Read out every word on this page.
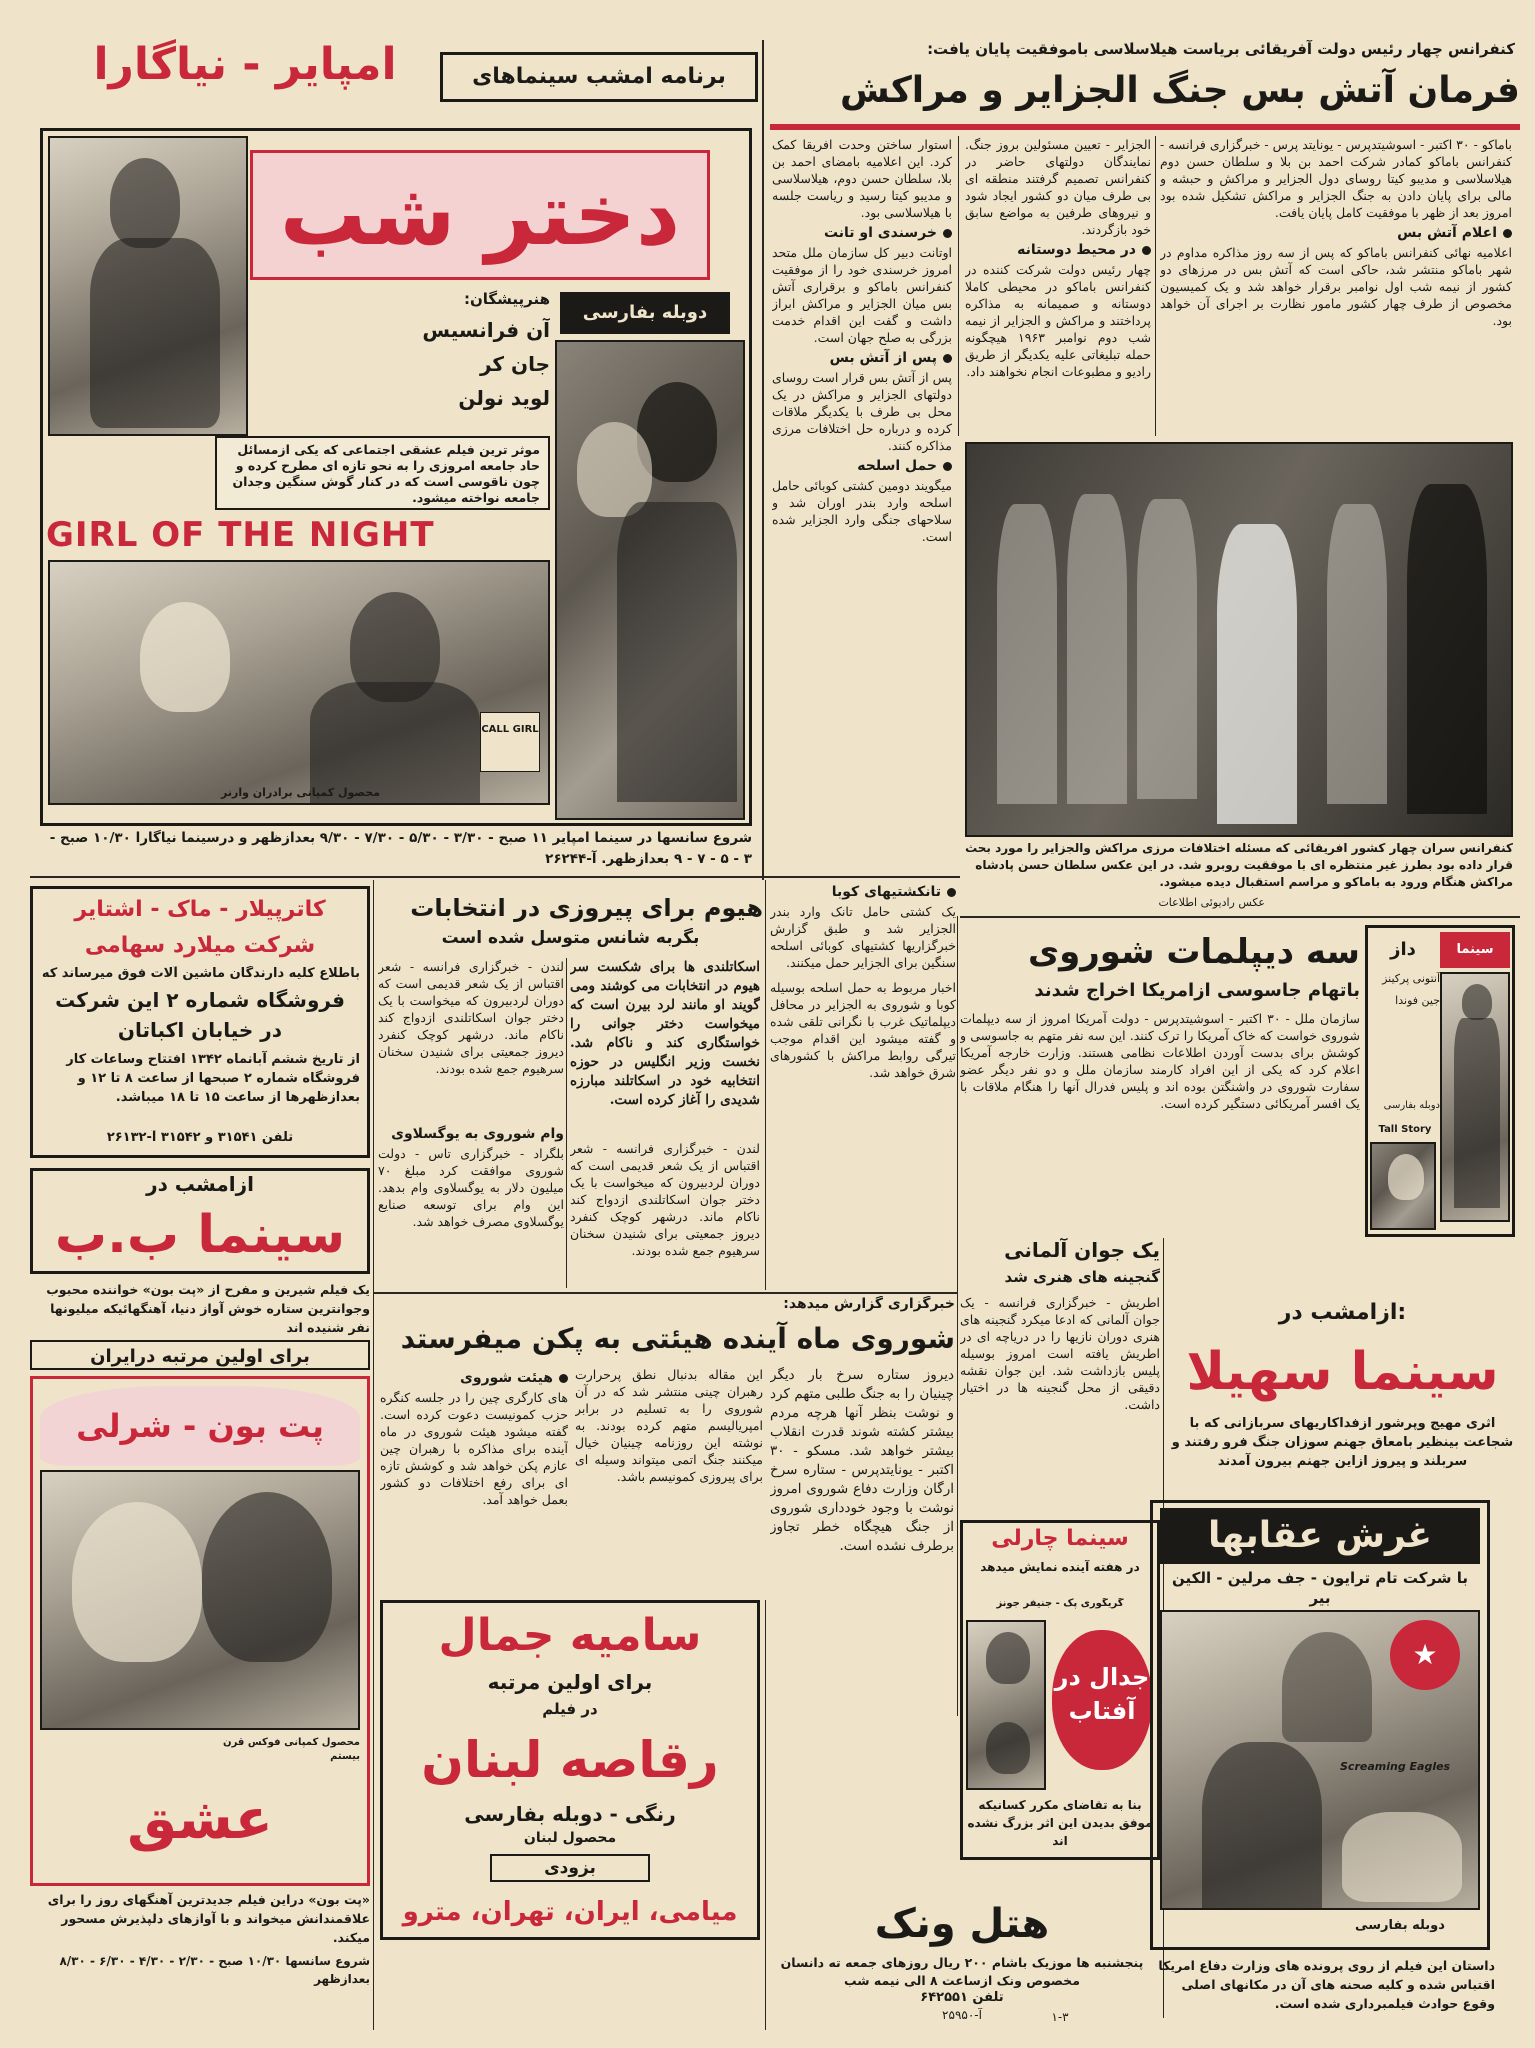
کنفرانس چهار رئیس دولت آفریقائی بریاست هیلاسلاسی باموفقیت پایان یافت:
فرمان آتش بس جنگ الجزایر و مراکش
امپایر - نیاگارا	برنامه امشب سینماهای
دختر شب
دوبله بفارسی
هنرپیشگان:
آن فرانسیس
جان کر
لوید نولن
موثر ترین فیلم عشقی اجتماعی که یکی ازمسائل حاد جامعه امروزی را به نحو تازه ای مطرح کرده و چون ناقوسی است که در کنار گوش سنگین وجدان جامعه نواخته میشود.
GIRL OF THE NIGHT
CALL GIRL
محصول کمپانی برادران وارنر
شروع سانسها در سینما امپایر ۱۱ صبح - ۳/۳۰ - ۵/۳۰ - ۷/۳۰ - ۹/۳۰ بعدازظهر و درسینما نیاگارا ۱۰/۳۰ صبح - ۳ - ۵ - ۷ - ۹ بعدازظهر. آ-۲۶۲۴۴
باماکو - ۳۰ اکتبر - اسوشیتدپرس - یونایتد پرس - خبرگزاری فرانسه - کنفرانس باماکو کمادر شرکت احمد بن بلا و سلطان حسن دوم هیلاسلاسی و مدیبو کیتا روسای دول الجزایر و مراکش و حبشه و مالی برای پایان دادن به جنگ الجزایر و مراکش تشکیل شده بود امروز بعد از ظهر با موفقیت کامل پایان یافت.
اعلام آتش بس
اعلامیه نهائی کنفرانس باماکو که پس از سه روز مذاکره مداوم در شهر باماکو منتشر شد، حاکی است که آتش بس در مرزهای دو کشور از نیمه شب اول نوامبر برقرار خواهد شد و یک کمیسیون مخصوص از طرف چهار کشور مامور نظارت بر اجرای آن خواهد بود.
الجزایر - تعیین مسئولین بروز جنگ. نمایندگان دولتهای حاضر در کنفرانس تصمیم گرفتند منطقه ای بی طرف میان دو کشور ایجاد شود و نیروهای طرفین به مواضع سابق خود بازگردند.
در محیط دوستانه
چهار رئیس دولت شرکت کننده در کنفرانس باماکو در محیطی کاملا دوستانه و صمیمانه به مذاکره پرداختند و مراکش و الجزایر از نیمه شب دوم نوامبر ۱۹۶۳ هیچگونه حمله تبلیغاتی علیه یکدیگر از طریق رادیو و مطبوعات انجام نخواهند داد.
استوار ساختن وحدت افریقا کمک کرد. این اعلامیه بامضای احمد بن بلا، سلطان حسن دوم، هیلاسلاسی و مدیبو کیتا رسید و ریاست جلسه با هیلاسلاسی بود.
خرسندی او تانت
اوتانت دبیر کل سازمان ملل متحد امروز خرسندی خود را از موفقیت کنفرانس باماکو و برقراری آتش بس میان الجزایر و مراکش ابراز داشت و گفت این اقدام خدمت بزرگی به صلح جهان است.
پس از آتش بس
پس از آتش بس قرار است روسای دولتهای الجزایر و مراکش در یک محل بی طرف با یکدیگر ملاقات کرده و درباره حل اختلافات مرزی مذاکره کنند.
حمل اسلحه
میگویند دومین کشتی کوبائی حامل اسلحه وارد بندر اوران شد و سلاحهای جنگی وارد الجزایر شده است.
کنفرانس سران چهار کشور افریقائی که مسئله اختلافات مرزی مراکش والجزایر را مورد بحث قرار داده بود بطرز غیر منتظره ای با موفقیت روبرو شد. در این عکس سلطان حسن پادشاه مراکش هنگام ورود به باماکو و مراسم استقبال دیده میشود.
عکس رادیوئی اطلاعات
سه دیپلمات شوروی
باتهام جاسوسی ازامریکا اخراج شدند
سازمان ملل - ۳۰ اکتبر - اسوشیتدپرس - دولت آمریکا امروز از سه دیپلمات شوروی خواست که خاک آمریکا را ترک کنند. این سه نفر متهم به جاسوسی و کوشش برای بدست آوردن اطلاعات نظامی هستند. وزارت خارجه آمریکا اعلام کرد که یکی از این افراد کارمند سازمان ملل و دو نفر دیگر عضو سفارت شوروی در واشنگتن بوده اند و پلیس فدرال آنها را هنگام ملاقات با یک افسر آمریکائی دستگیر کرده است.
سینما
داز
آنتونی پرکینز
جین فوندا
دوبله بفارسی
Tall Story
کاترپیلار - ماک - اشتایر
شرکت میلارد سهامی
باطلاع کلیه دارندگان ماشین آلات فوق میرساند که
فروشگاه شماره ۲ این شرکت
در خیابان اکباتان
از تاریخ ششم آبانماه ۱۳۴۲ افتتاح وساعات کار فروشگاه شماره ۲ صبحها از ساعت ۸ تا ۱۲ و بعدازظهرها از ساعت ۱۵ تا ۱۸ میباشد.
تلفن ۳۱۵۴۱ و ۳۱۵۴۲ آ-۲۶۱۳۲
هیوم برای پیروزی در انتخابات
بگربه شانس متوسل شده است
اسکاتلندی ها برای شکست سر هیوم در انتخابات می کوشند ومی گویند او مانند لرد بیرن است که میخواست دختر جوانی را خواستگاری کند و ناکام شد. نخست وزیر انگلیس در حوزه انتخابیه خود در اسکاتلند مبارزه شدیدی را آغاز کرده است.
لندن - خبرگزاری فرانسه - شعر اقتباس از یک شعر قدیمی است که دوران لردبیرون که میخواست با یک دختر جوان اسکاتلندی ازدواج کند ناکام ماند. درشهر کوچک کنفرد دیروز جمعیتی برای شنیدن سخنان سرهیوم جمع شده بودند.
وام شوروی به یوگسلاوی
بلگراد - خبرگزاری تاس - دولت شوروی موافقت کرد مبلغ ۷۰ میلیون دلار به یوگسلاوی وام بدهد. این وام برای توسعه صنایع یوگسلاوی مصرف خواهد شد.
تانکشتیهای کوبا
یک کشتی حامل تانک وارد بندر الجزایر شد و طبق گزارش خبرگزاریها کشتیهای کوبائی اسلحه سنگین برای الجزایر حمل میکنند.
اخبار مربوط به حمل اسلحه بوسیله کوبا و شوروی به الجزایر در محافل دیپلماتیک غرب با نگرانی تلقی شده و گفته میشود این اقدام موجب تیرگی روابط مراکش با کشورهای شرق خواهد شد.
لندن - خبرگزاری فرانسه - شعر اقتباس از یک شعر قدیمی است که دوران لردبیرون که میخواست با یک دختر جوان اسکاتلندی ازدواج کند ناکام ماند. درشهر کوچک کنفرد دیروز جمعیتی برای شنیدن سخنان سرهیوم جمع شده بودند.
ازامشب در
سینما ب.ب
یک فیلم شیرین و مفرح از «پت بون» خواننده محبوب وجوانترین ستاره خوش آواز دنیا، آهنگهائیکه میلیونها نفر شنیده اند
برای اولین مرتبه درایران
پت بون - شرلی
محصول کمپانی فوکس قرن بیستم
عشق
«پت بون» دراین فیلم جدیدترین آهنگهای روز را برای علاقمندانش میخواند و با آوازهای دلپذیرش مسحور میکند.
شروع سانسها ۱۰/۳۰ صبح - ۲/۳۰ - ۴/۳۰ - ۶/۳۰ - ۸/۳۰ بعدازظهر
خبرگزاری گزارش میدهد:
شوروی ماه آینده هیئتی به پکن میفرستد
دیروز ستاره سرخ بار دیگر چینیان را به جنگ طلبی متهم کرد و نوشت بنظر آنها هرچه مردم بیشتر کشته شوند قدرت انقلاب بیشتر خواهد شد. مسکو - ۳۰ اکتبر - یونایتدپرس - ستاره سرخ ارگان وزارت دفاع شوروی امروز نوشت با وجود خودداری شوروی از جنگ هیچگاه خطر تجاوز برطرف نشده است.
این مقاله بدنبال نطق پرحرارت رهبران چینی منتشر شد که در آن شوروی را به تسلیم در برابر امپریالیسم متهم کرده بودند. به نوشته این روزنامه چینیان خیال میکنند جنگ اتمی میتواند وسیله ای برای پیروزی کمونیسم باشد.
هیئت شوروی
های کارگری چین را در جلسه کنگره حزب کمونیست دعوت کرده است. گفته میشود هیئت شوروی در ماه آینده برای مذاکره با رهبران چین عازم پکن خواهد شد و کوشش تازه ای برای رفع اختلافات دو کشور بعمل خواهد آمد.
سامیه جمال
برای اولین مرتبه
در فیلم
رقاصه لبنان
رنگی - دوبله بفارسی
محصول لبنان
بزودی
میامی، ایران، تهران، مترو	هتل ونک
پنجشنبه ها موزیک باشام ۲۰۰ ریال روزهای جمعه ته دانسان مخصوص ونک ازساعت ۸ الی نیمه شب
تلفن ۶۴۲۵۵۱
آ-۲۵۹۵۰
یک جوان آلمانی
گنجینه های هنری شد
اطریش - خبرگزاری فرانسه - یک جوان آلمانی که ادعا میکرد گنجینه های هنری دوران نازیها را در دریاچه ای در اطریش یافته است امروز بوسیله پلیس بازداشت شد. این جوان نقشه دقیقی از محل گنجینه ها در اختیار داشت.
سینما چارلی
در هفته آینده نمایش میدهد
گریگوری پک - جنیفر جونز
جدال در آفتاب
بنا به تقاضای مکرر کسانیکه موفق بدیدن این اثر بزرگ نشده اند
ازامشب در:
سینما سهیلا
اثری مهیج وپرشور ازفداکاریهای سربازانی که با شجاعت بینظیر بامعاق جهنم سوزان جنگ فرو رفتند و سربلند و پیروز ازاین جهنم بیرون آمدند
غرش عقابها
با شرکت تام ترایون - جف مرلین - الکین بیر
★
Screaming Eagles
دوبله بفارسی
داستان این فیلم از روی پرونده های وزارت دفاع امریکا اقتباس شده و کلیه صحنه های آن در مکانهای اصلی وقوع حوادث فیلمبرداری شده است.
۱-۳
